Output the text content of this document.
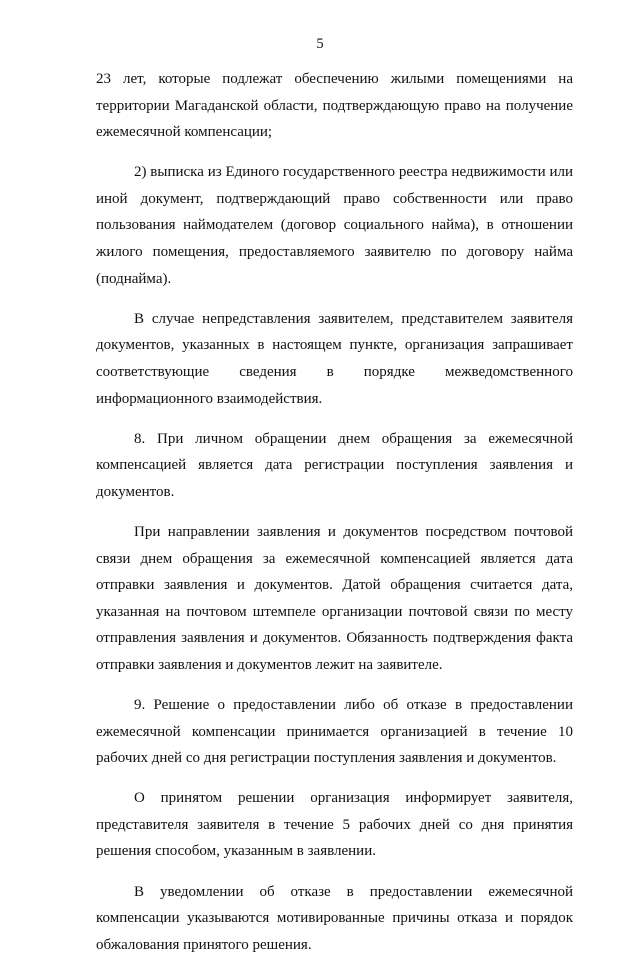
5

23 лет, которые подлежат обеспечению жилыми помещениями на территории Магаданской области, подтверждающую право на получение ежемесячной компенсации;

2) выписка из Единого государственного реестра недвижимости или иной документ, подтверждающий право собственности или право пользования наймодателем (договор социального найма), в отношении жилого помещения, предоставляемого заявителю по договору найма (поднайма).

В случае непредставления заявителем, представителем заявителя документов, указанных в настоящем пункте, организация запрашивает соответствующие сведения в порядке межведомственного информационного взаимодействия.

8. При личном обращении днем обращения за ежемесячной компенсацией является дата регистрации поступления заявления и документов.

При направлении заявления и документов посредством почтовой связи днем обращения за ежемесячной компенсацией является дата отправки заявления и документов. Датой обращения считается дата, указанная на почтовом штемпеле организации почтовой связи по месту отправления заявления и документов. Обязанность подтверждения факта отправки заявления и документов лежит на заявителе.

9. Решение о предоставлении либо об отказе в предоставлении ежемесячной компенсации принимается организацией в течение 10 рабочих дней со дня регистрации поступления заявления и документов.

О принятом решении организация информирует заявителя, представителя заявителя в течение 5 рабочих дней со дня принятия решения способом, указанным в заявлении.

В уведомлении об отказе в предоставлении ежемесячной компенсации указываются мотивированные причины отказа и порядок обжалования принятого решения.
